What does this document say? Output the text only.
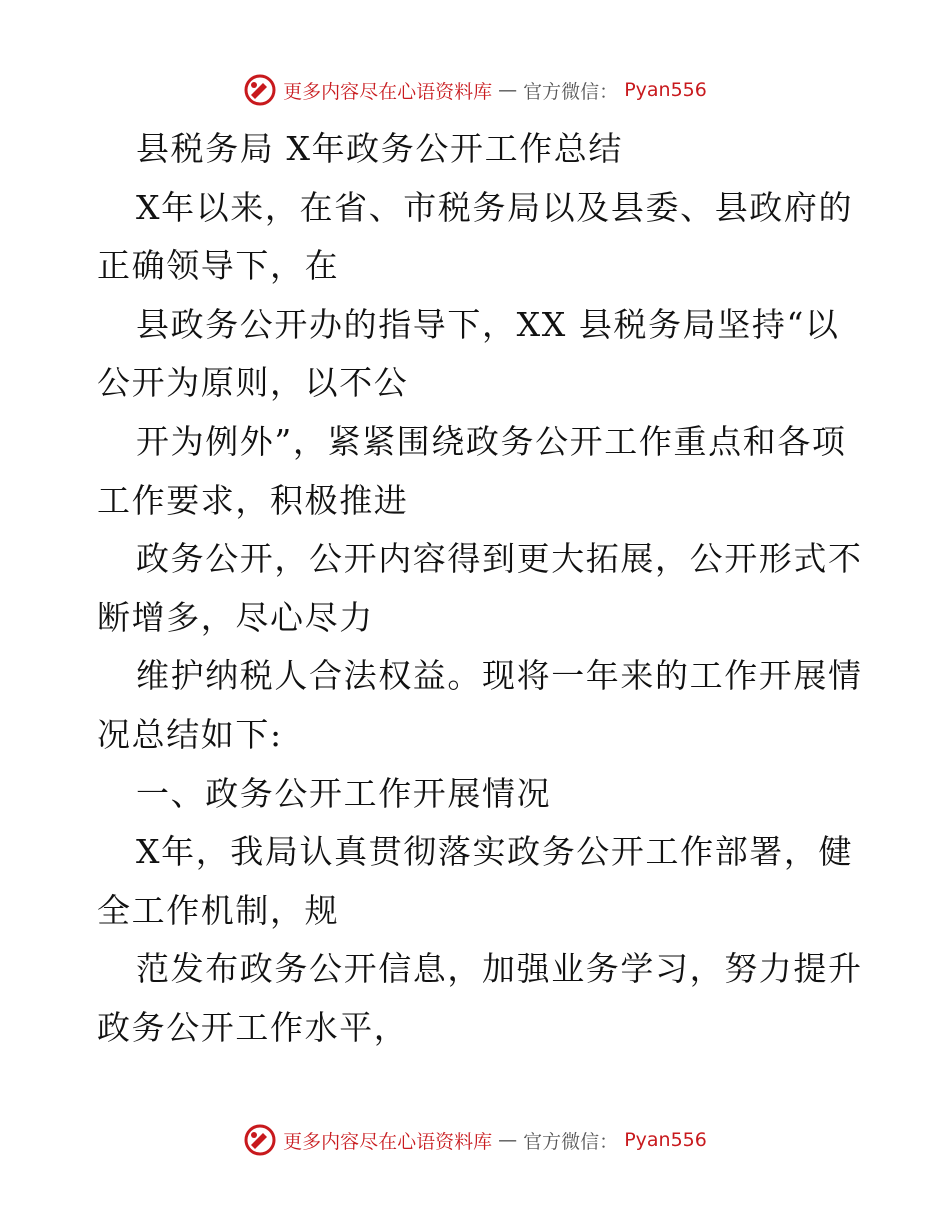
更多内容尽在心语资料库 — 官方微信： Pyan556
县税务局 X年政务公开工作总结
X年以来，在省、市税务局以及县委、县政府的
正确领导下，在
县政务公开办的指导下，XX 县税务局坚持“以
公开为原则，以不公
开为例外”，紧紧围绕政务公开工作重点和各项
工作要求，积极推进
政务公开，公开内容得到更大拓展，公开形式不
断增多，尽心尽力
维护纳税人合法权益。现将一年来的工作开展情
况总结如下:
一、政务公开工作开展情况
X年，我局认真贯彻落实政务公开工作部署，健
全工作机制，规
范发布政务公开信息，加强业务学习，努力提升
政务公开工作水平，
更多内容尽在心语资料库 — 官方微信： Pyan556
